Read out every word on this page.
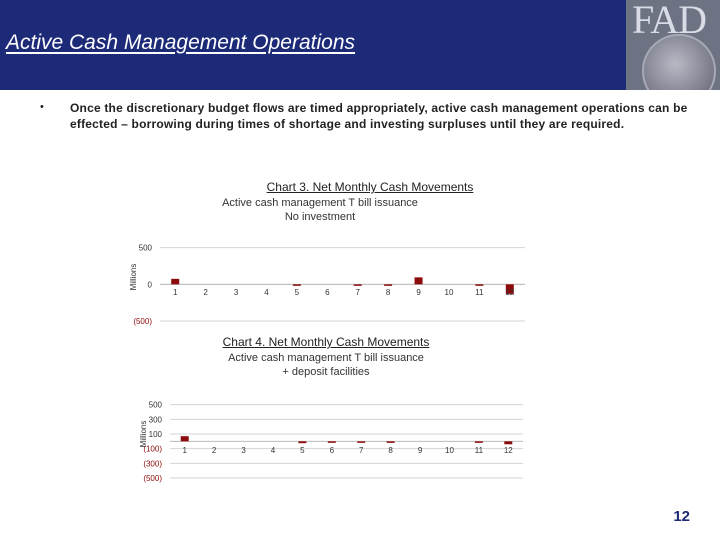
Active Cash Management Operations
FAD
• Once the discretionary budget flows are timed appropriately, active cash management operations can be effected – borrowing during times of shortage and investing surpluses until they are required.
Chart 3. Net Monthly Cash Movements
Active cash management T bill issuance
No investment
Chart 4. Net Monthly Cash Movements
Active cash management T bill issuance
+ deposit facilities
(500)
0
500
Millions
1	2	3	4	5	6	7	8	9	10	11	12
(500)
(300)
(100)
100
300
500
Millions
1	2	3	4	5	6	7	8	9	10	11	12
12
